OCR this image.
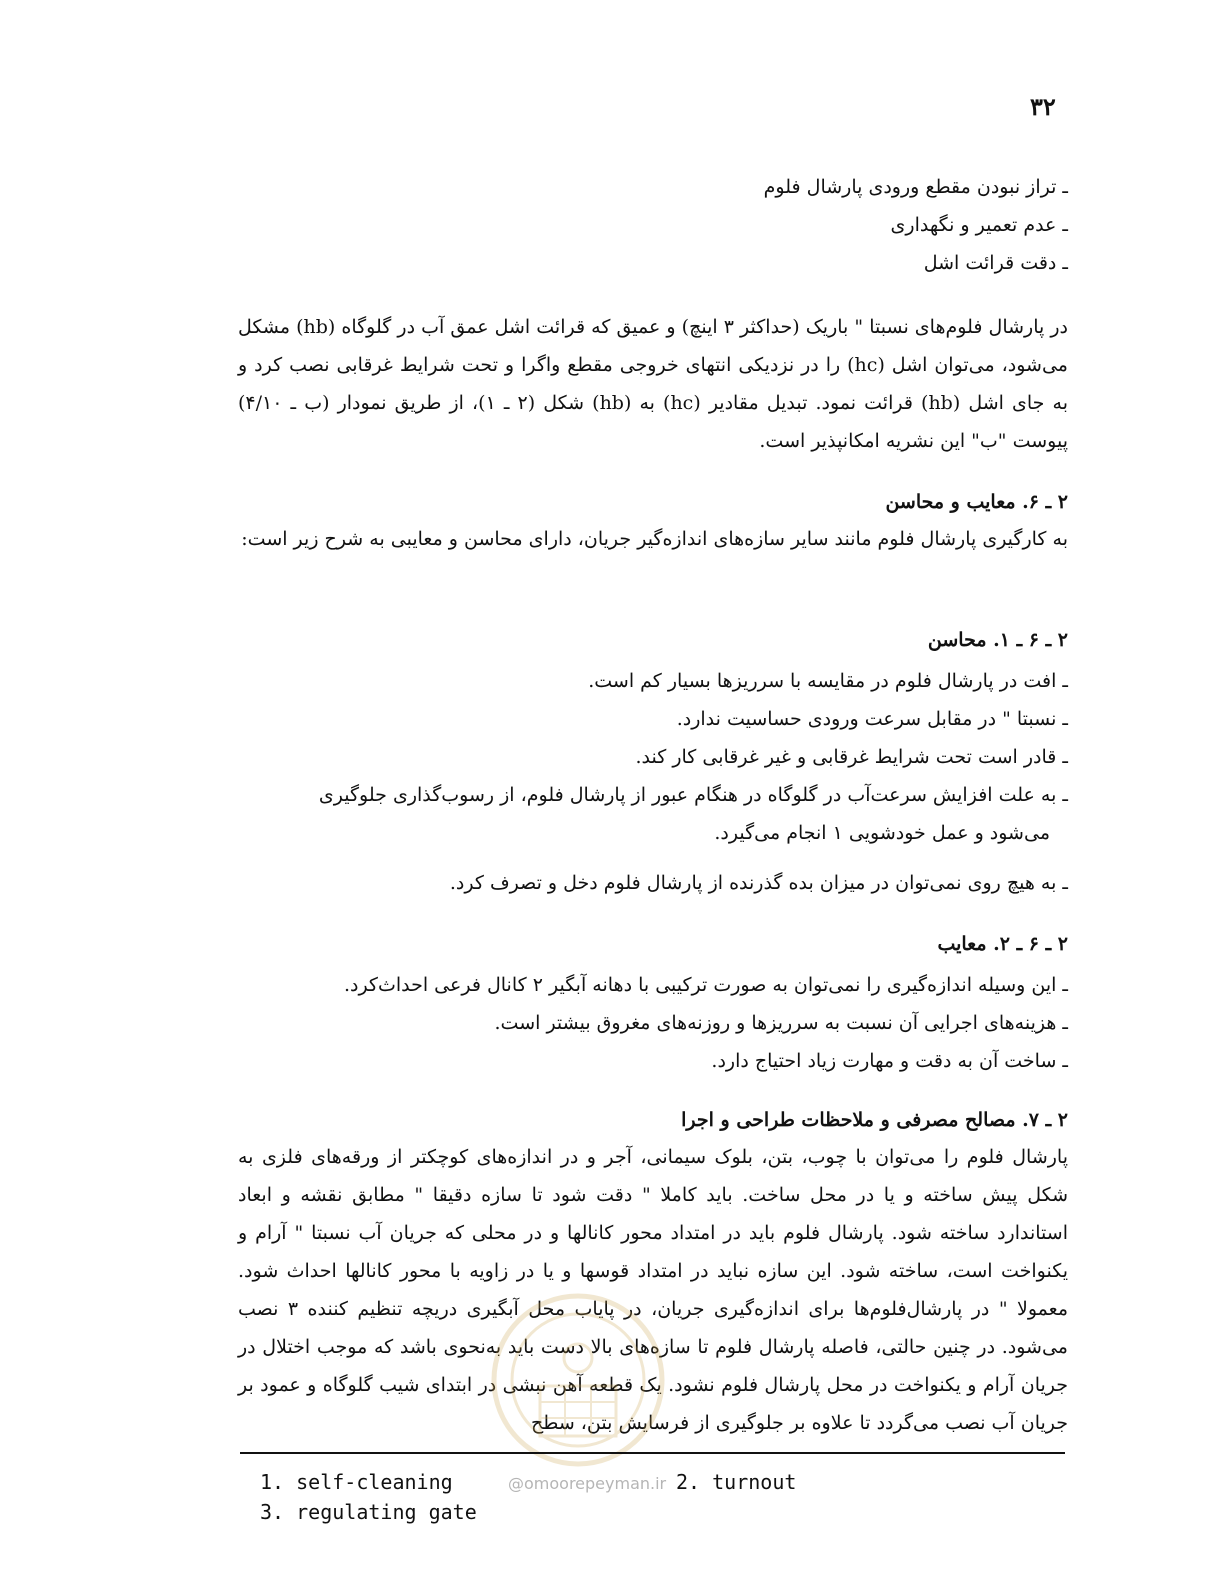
۳۲
ـ تراز نبودن مقطع ورودی پارشال فلوم
ـ عدم تعمیر و نگهداری
ـ دقت قرائت اشل
در پارشال فلوم‌های نسبتا " باریک (حداکثر ۳ اینچ) و عمیق که قرائت اشل عمق آب در گلوگاه (hb) مشکل می‌شود، می‌توان اشل (hc) را در نزدیکی انتهای خروجی مقطع واگرا و تحت شرایط غرقابی نصب کرد و به جای اشل (hb) قرائت نمود. تبدیل مقادیر (hc) به (hb) شکل (۲ ـ ۱)، از طریق نمودار (ب ـ ۴/۱۰) پیوست "ب" این نشریه امکانپذیر است.
۲ ـ ۶. معایب و محاسن
به کارگیری پارشال فلوم مانند سایر سازه‌های اندازه‌گیر جریان، دارای محاسن و معایبی به شرح زیر است:
۲ ـ ۶ ـ ۱. محاسن
ـ افت در پارشال فلوم در مقایسه با سرریزها بسیار کم است.
ـ نسبتا " در مقابل سرعت ورودی حساسیت ندارد.
ـ قادر است تحت شرایط غرقابی و غیر غرقابی کار کند.
ـ به علت افزایش سرعت‌آب در گلوگاه در هنگام عبور از پارشال فلوم، از رسوب‌گذاری جلوگیری
می‌شود و عمل خودشویی ۱ انجام می‌گیرد.
ـ به هیچ روی نمی‌توان در میزان بده گذرنده از پارشال فلوم دخل و تصرف کرد.
۲ ـ ۶ ـ ۲. معایب
ـ این وسیله اندازه‌گیری را نمی‌توان به صورت ترکیبی با دهانه آبگیر ۲ کانال فرعی احداث‌کرد.
ـ هزینه‌های اجرایی آن نسبت به سرریزها و روزنه‌های مغروق بیشتر است.
ـ ساخت آن به دقت و مهارت زیاد احتیاج دارد.
۲ ـ ۷. مصالح مصرفی و ملاحظات طراحی و اجرا
پارشال فلوم را می‌توان با چوب، بتن، بلوک سیمانی، آجر و در اندازه‌های کوچکتر از ورقه‌های فلزی به شکل پیش ساخته و یا در محل ساخت. باید کاملا " دقت شود تا سازه دقیقا " مطابق نقشه و ابعاد استاندارد ساخته شود. پارشال فلوم باید در امتداد محور کانالها و در محلی که جریان آب نسبتا " آرام و یکنواخت است، ساخته شود. این سازه نباید در امتداد قوسها و یا در زاویه با محور کانالها احداث شود. معمولا " در پارشال‌فلوم‌ها برای اندازه‌گیری جریان، در پایاب محل آبگیری دریچه تنظیم کننده ۳ نصب می‌شود. در چنین حالتی، فاصله پارشال فلوم تا سازه‌های بالا دست باید به‌نحوی باشد که موجب اختلال در جریان آرام و یکنواخت در محل پارشال فلوم نشود. یک قطعه آهن نبشی در ابتدای شیب گلوگاه و عمود بر جریان آب نصب می‌گردد تا علاوه بر جلوگیری از فرسایش بتن، سطح
1. self-cleaning	@omoorepeyman.ir 2. turnout
3. regulating gate
